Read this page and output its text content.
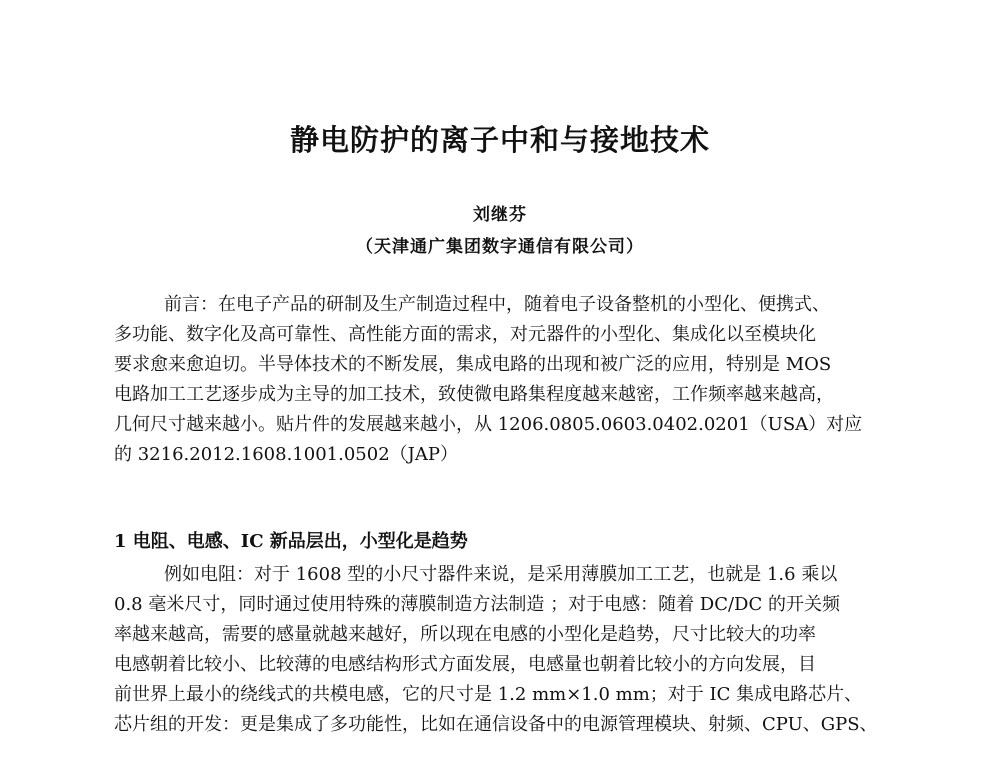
静电防护的离子中和与接地技术

刘继芬

（天津通广集团数字通信有限公司）

前言：在电子产品的研制及生产制造过程中，随着电子设备整机的小型化、便携式、
多功能、数字化及高可靠性、高性能方面的需求，对元器件的小型化、集成化以至模块化
要求愈来愈迫切。半导体技术的不断发展，集成电路的出现和被广泛的应用，特别是 MOS
电路加工工艺逐步成为主导的加工技术，致使微电路集程度越来越密，工作频率越来越高，
几何尺寸越来越小。贴片件的发展越来越小，从 1206.0805.0603.0402.0201（USA）对应
的 3216.2012.1608.1001.0502（JAP）
1 电阻、电感、IC 新品层出，小型化是趋势
例如电阻：对于 1608 型的小尺寸器件来说，是采用薄膜加工工艺，也就是 1.6 乘以
0.8 毫米尺寸，同时通过使用特殊的薄膜制造方法制造 ；对于电感：随着 DC/DC 的开关频
率越来越高，需要的感量就越来越好，所以现在电感的小型化是趋势，尺寸比较大的功率
电感朝着比较小、比较薄的电感结构形式方面发展，电感量也朝着比较小的方向发展，目
前世界上最小的绕线式的共模电感，它的尺寸是 1.2 mm×1.0 mm；对于 IC 集成电路芯片、
芯片组的开发：更是集成了多功能性，比如在通信设备中的电源管理模块、射频、CPU、GPS、
